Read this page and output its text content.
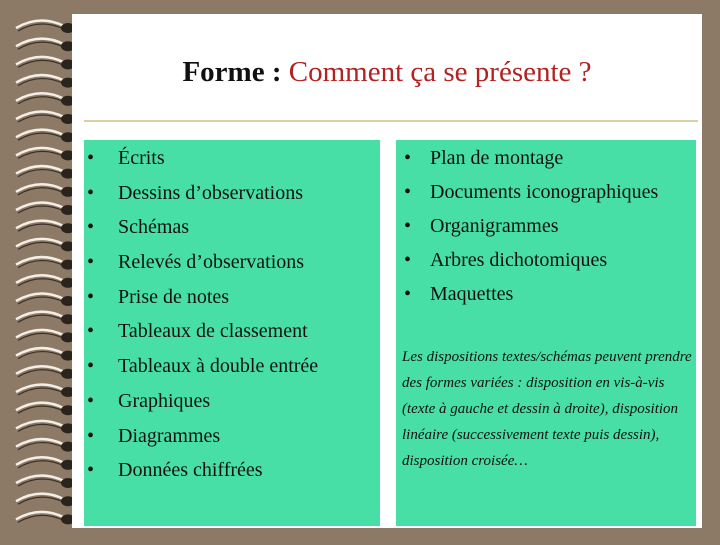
Forme : Comment ça se présente ?
• Écrits
• Dessins d’observations
• Schémas
• Relevés d’observations
• Prise de notes
• Tableaux de classement
• Tableaux à double entrée
• Graphiques
• Diagrammes
• Données chiffrées
• Plan de montage
• Documents iconographiques
• Organigrammes
• Arbres dichotomiques
• Maquettes
Les dispositions textes/schémas peuvent prendre des formes variées : disposition en vis-à-vis (texte à gauche et dessin à droite), disposition linéaire (successivement texte puis dessin), disposition croisée…
